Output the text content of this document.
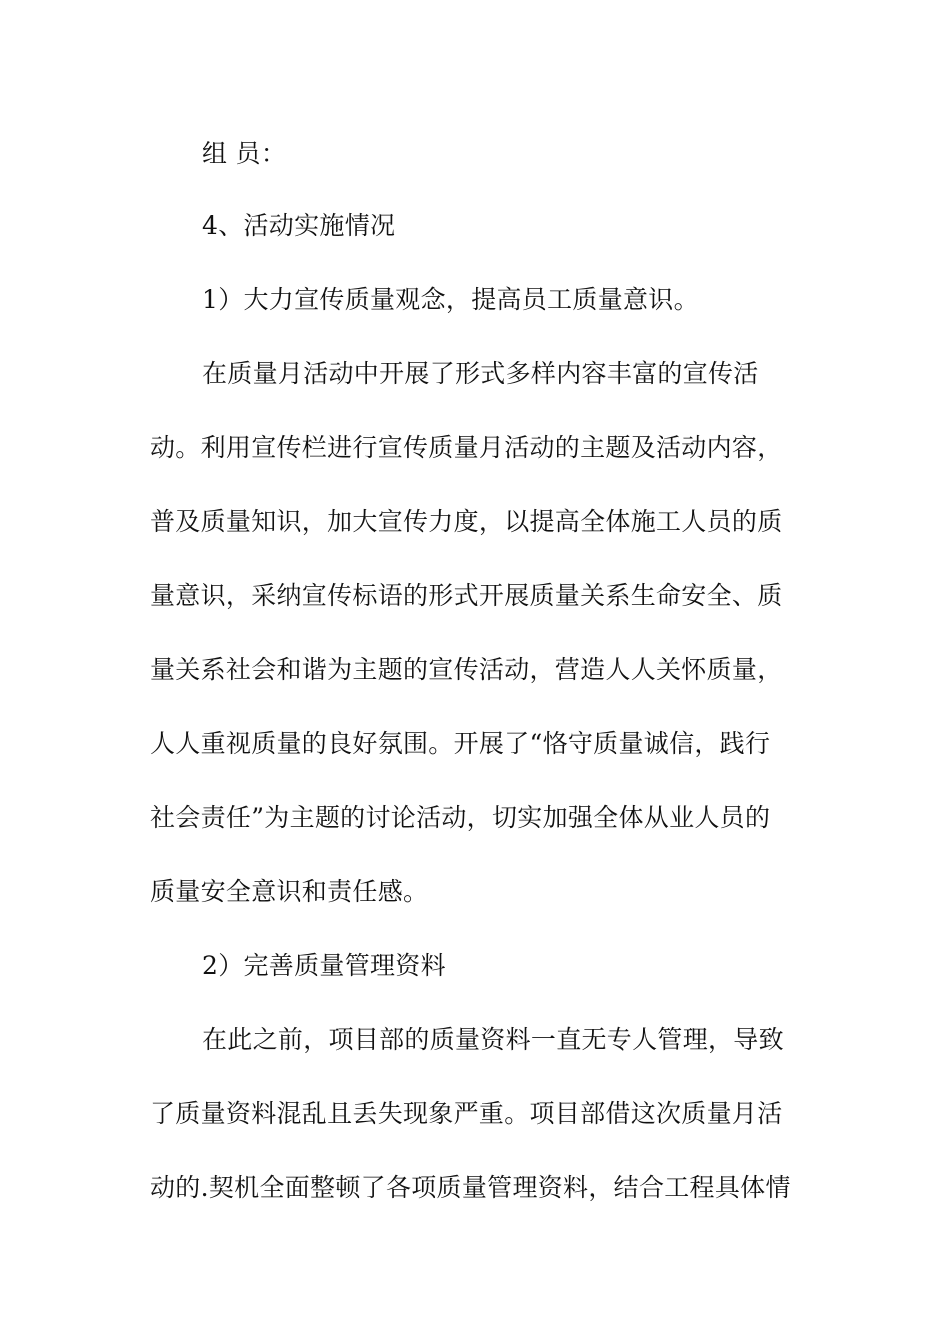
组 员：
4、活动实施情况
1）大力宣传质量观念，提高员工质量意识。
在质量月活动中开展了形式多样内容丰富的宣传活
动。利用宣传栏进行宣传质量月活动的主题及活动内容，
普及质量知识，加大宣传力度，以提高全体施工人员的质
量意识，采纳宣传标语的形式开展质量关系生命安全、质
量关系社会和谐为主题的宣传活动，营造人人关怀质量，
人人重视质量的良好氛围。开展了“恪守质量诚信，践行
社会责任”为主题的讨论活动，切实加强全体从业人员的
质量安全意识和责任感。
2）完善质量管理资料
在此之前，项目部的质量资料一直无专人管理，导致
了质量资料混乱且丢失现象严重。项目部借这次质量月活
动的.契机全面整顿了各项质量管理资料，结合工程具体情
